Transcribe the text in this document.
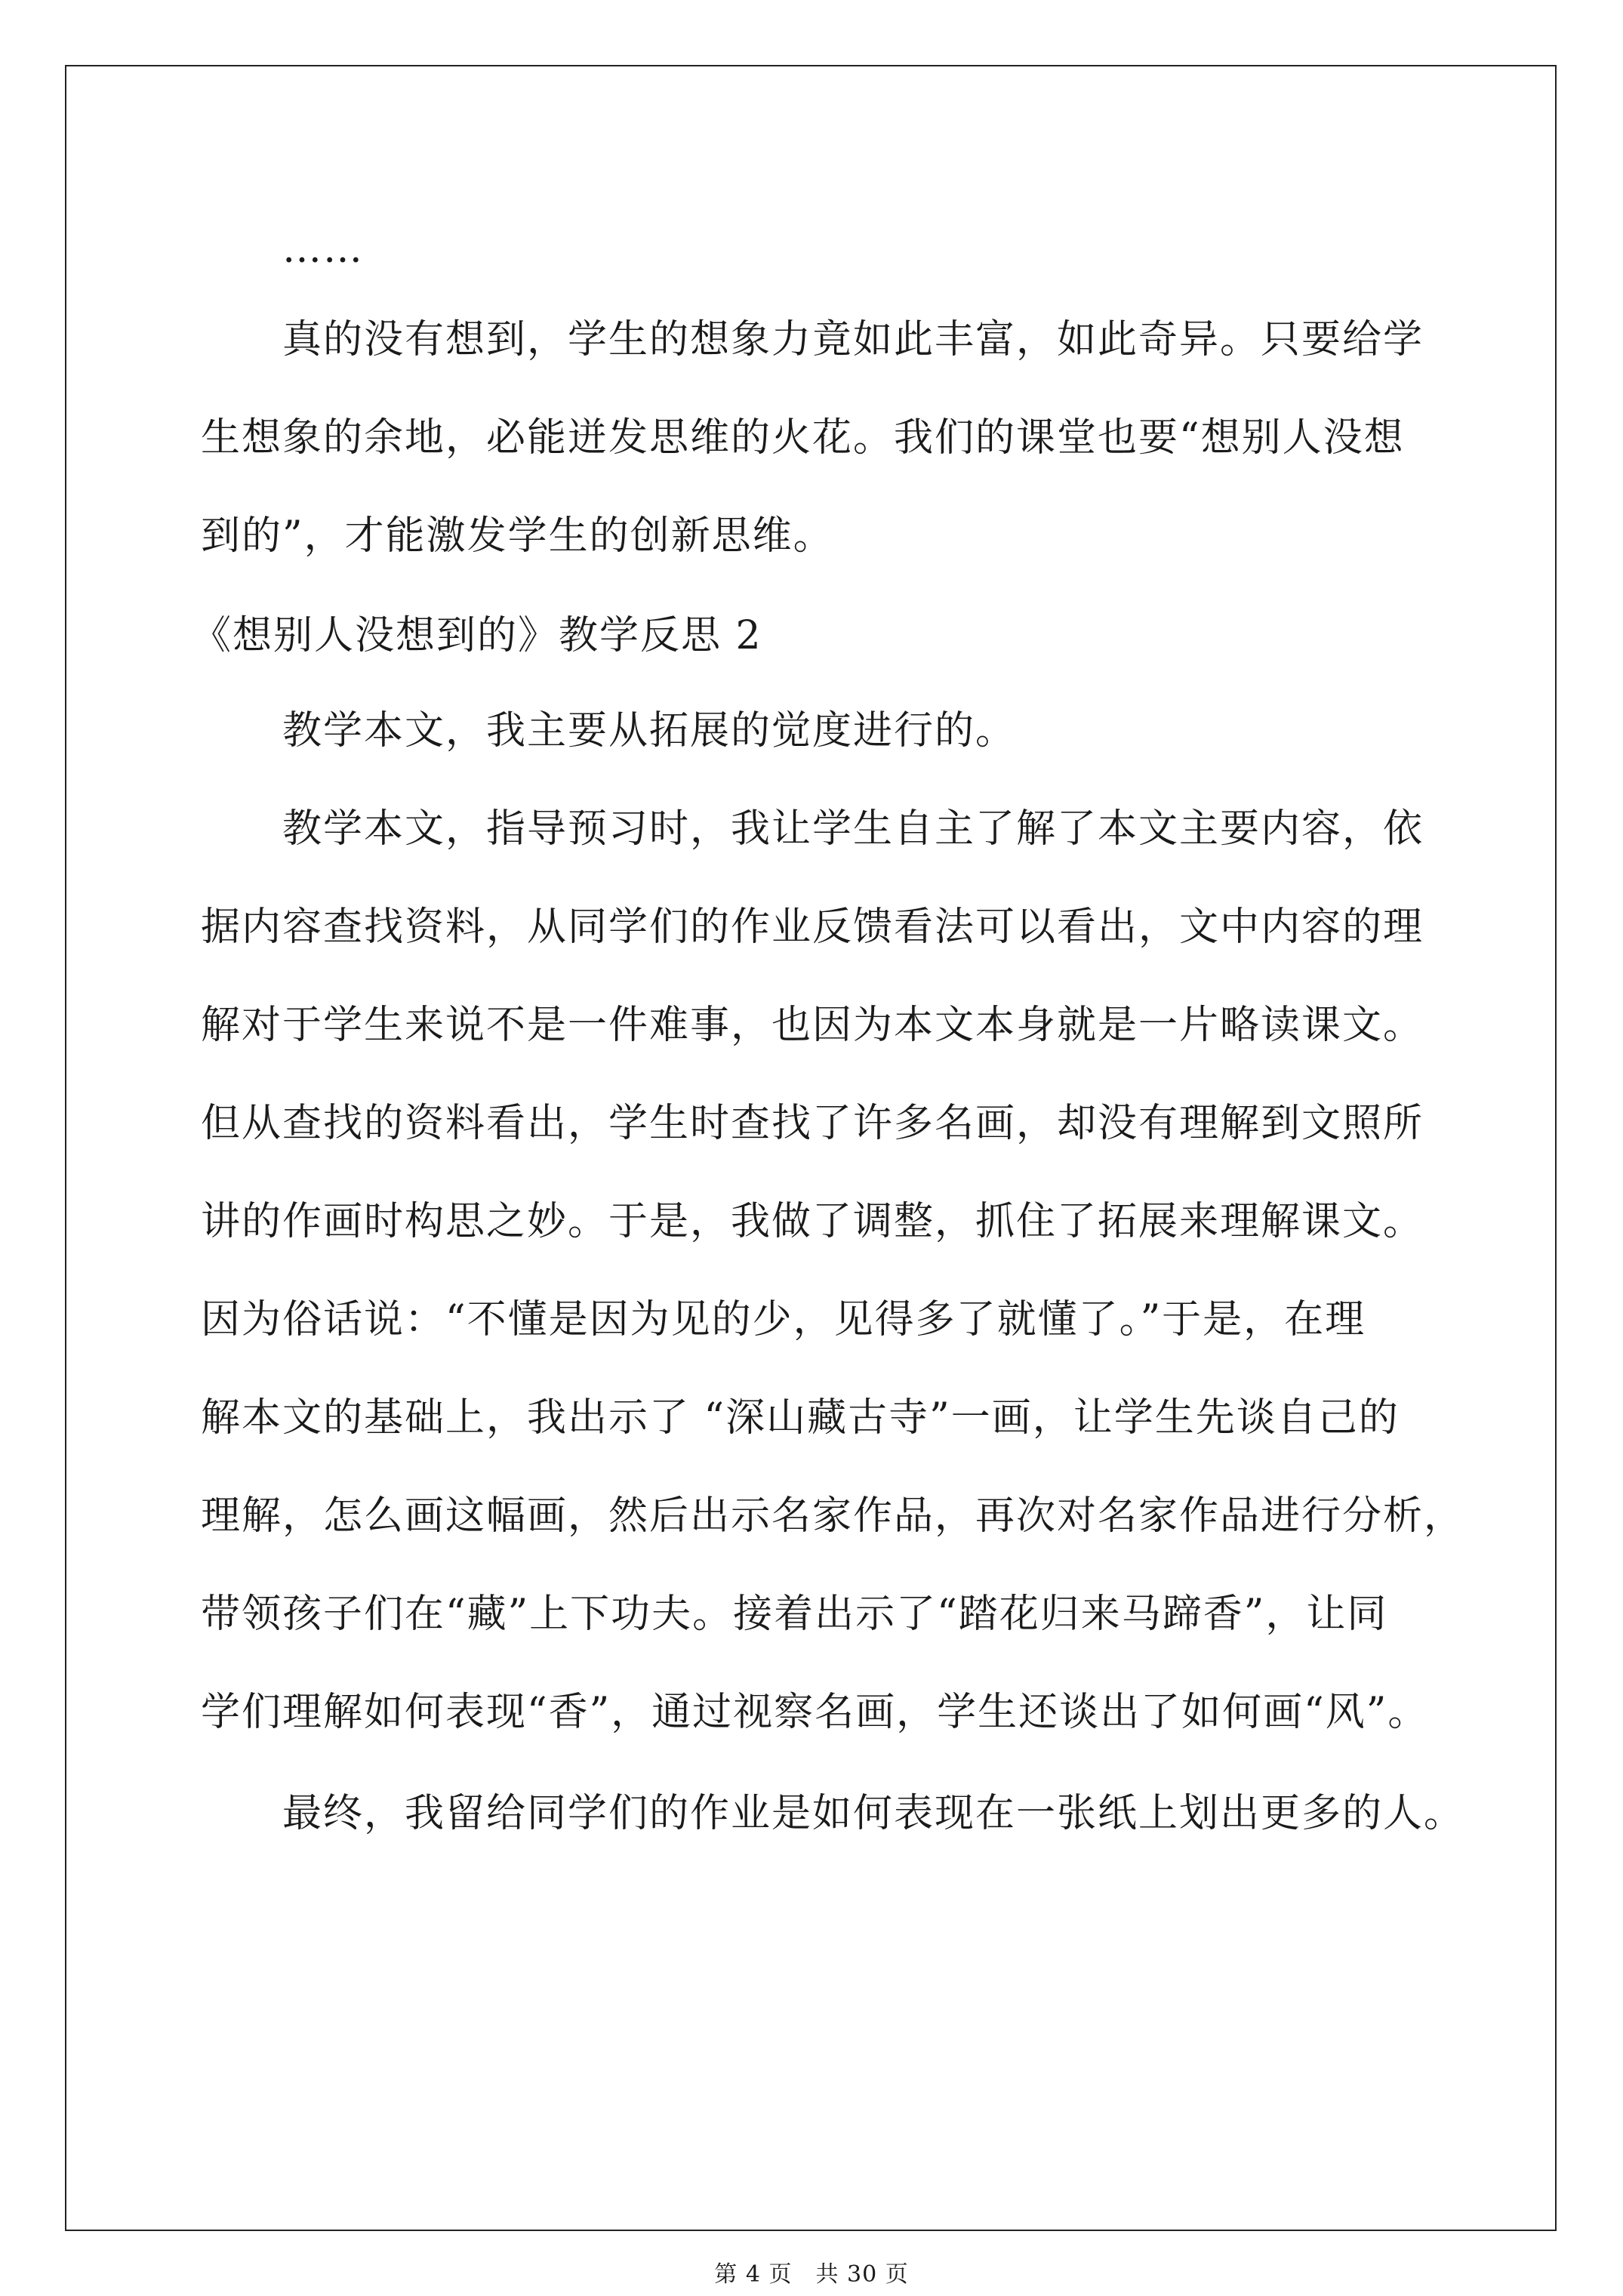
……
真的没有想到，学生的想象力竟如此丰富，如此奇异。只要给学
生想象的余地，必能迸发思维的火花。我们的课堂也要“想别人没想
到的”，才能激发学生的创新思维。
《想别人没想到的》教学反思 2
教学本文，我主要从拓展的觉度进行的。
教学本文，指导预习时，我让学生自主了解了本文主要内容，依
据内容查找资料，从同学们的作业反馈看法可以看出，文中内容的理
解对于学生来说不是一件难事，也因为本文本身就是一片略读课文。
但从查找的资料看出，学生时查找了许多名画，却没有理解到文照所
讲的作画时构思之妙。于是，我做了调整，抓住了拓展来理解课文。
因为俗话说：“不懂是因为见的少，见得多了就懂了。”于是，在理
解本文的基础上，我出示了 “深山藏古寺”一画，让学生先谈自己的
理解，怎么画这幅画，然后出示名家作品，再次对名家作品进行分析，
带领孩子们在“藏”上下功夫。接着出示了“踏花归来马蹄香”，让同
学们理解如何表现“香”，通过视察名画，学生还谈出了如何画“风”。
最终，我留给同学们的作业是如何表现在一张纸上划出更多的人。
第 4 页　共 30 页
